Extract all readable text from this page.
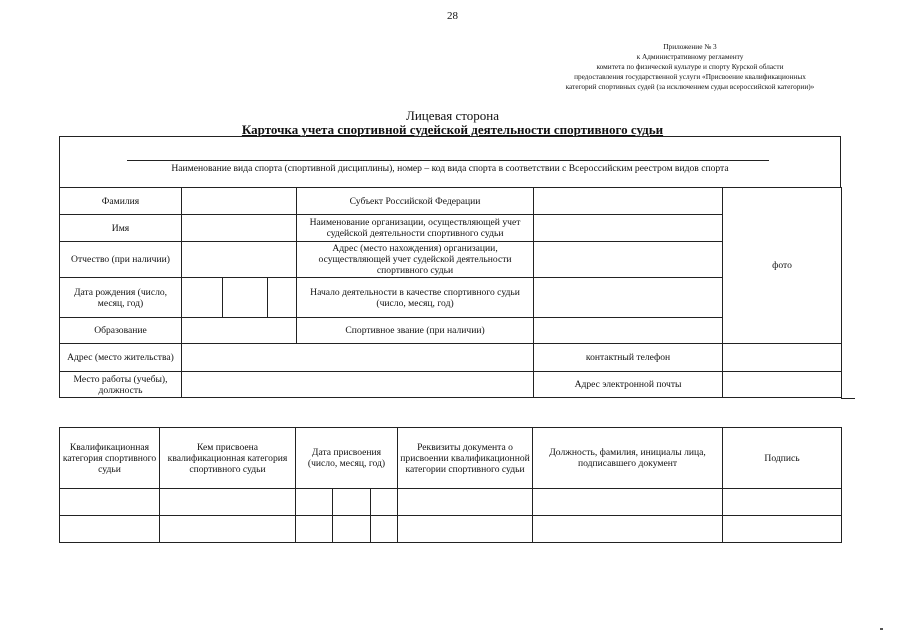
28
Приложение № 3
к Административному регламенту
комитета по физической культуре и спорту Курской области
предоставления государственной услуги «Присвоение квалификационных
категорий спортивных судей (за исключением судьи всероссийской категории)»
Лицевая сторона
Карточка учета спортивной судейской деятельности спортивного судьи
Наименование вида спорта (спортивной дисциплины), номер – код вида спорта в соответствии с Всероссийским реестром видов спорта
Фамилия				Субъект Российской Федерации		фото
Имя				Наименование организации, осуществляющей учет судейской деятельности спортивного судьи		
Отчество (при наличии)				Адрес (место нахождения) организации, осуществляющей учет судейской деятельности спортивного судьи		
Дата рождения (число, месяц, год)				Начало деятельности в качестве спортивного судьи (число, месяц, год)		
Образование				Спортивное звание (при наличии)		
Адрес (место жительства)					контактный телефон	
Место работы (учебы), должность					Адрес электронной почты	
Квалификационная категория спортивного судьи	Кем присвоена квалификационная категория спортивного судьи	Дата присвоения (число, месяц, год)			Реквизиты документа о присвоении квалификационной категории спортивного судьи	Должность, фамилия, инициалы лица, подписавшего документ	Подпись
